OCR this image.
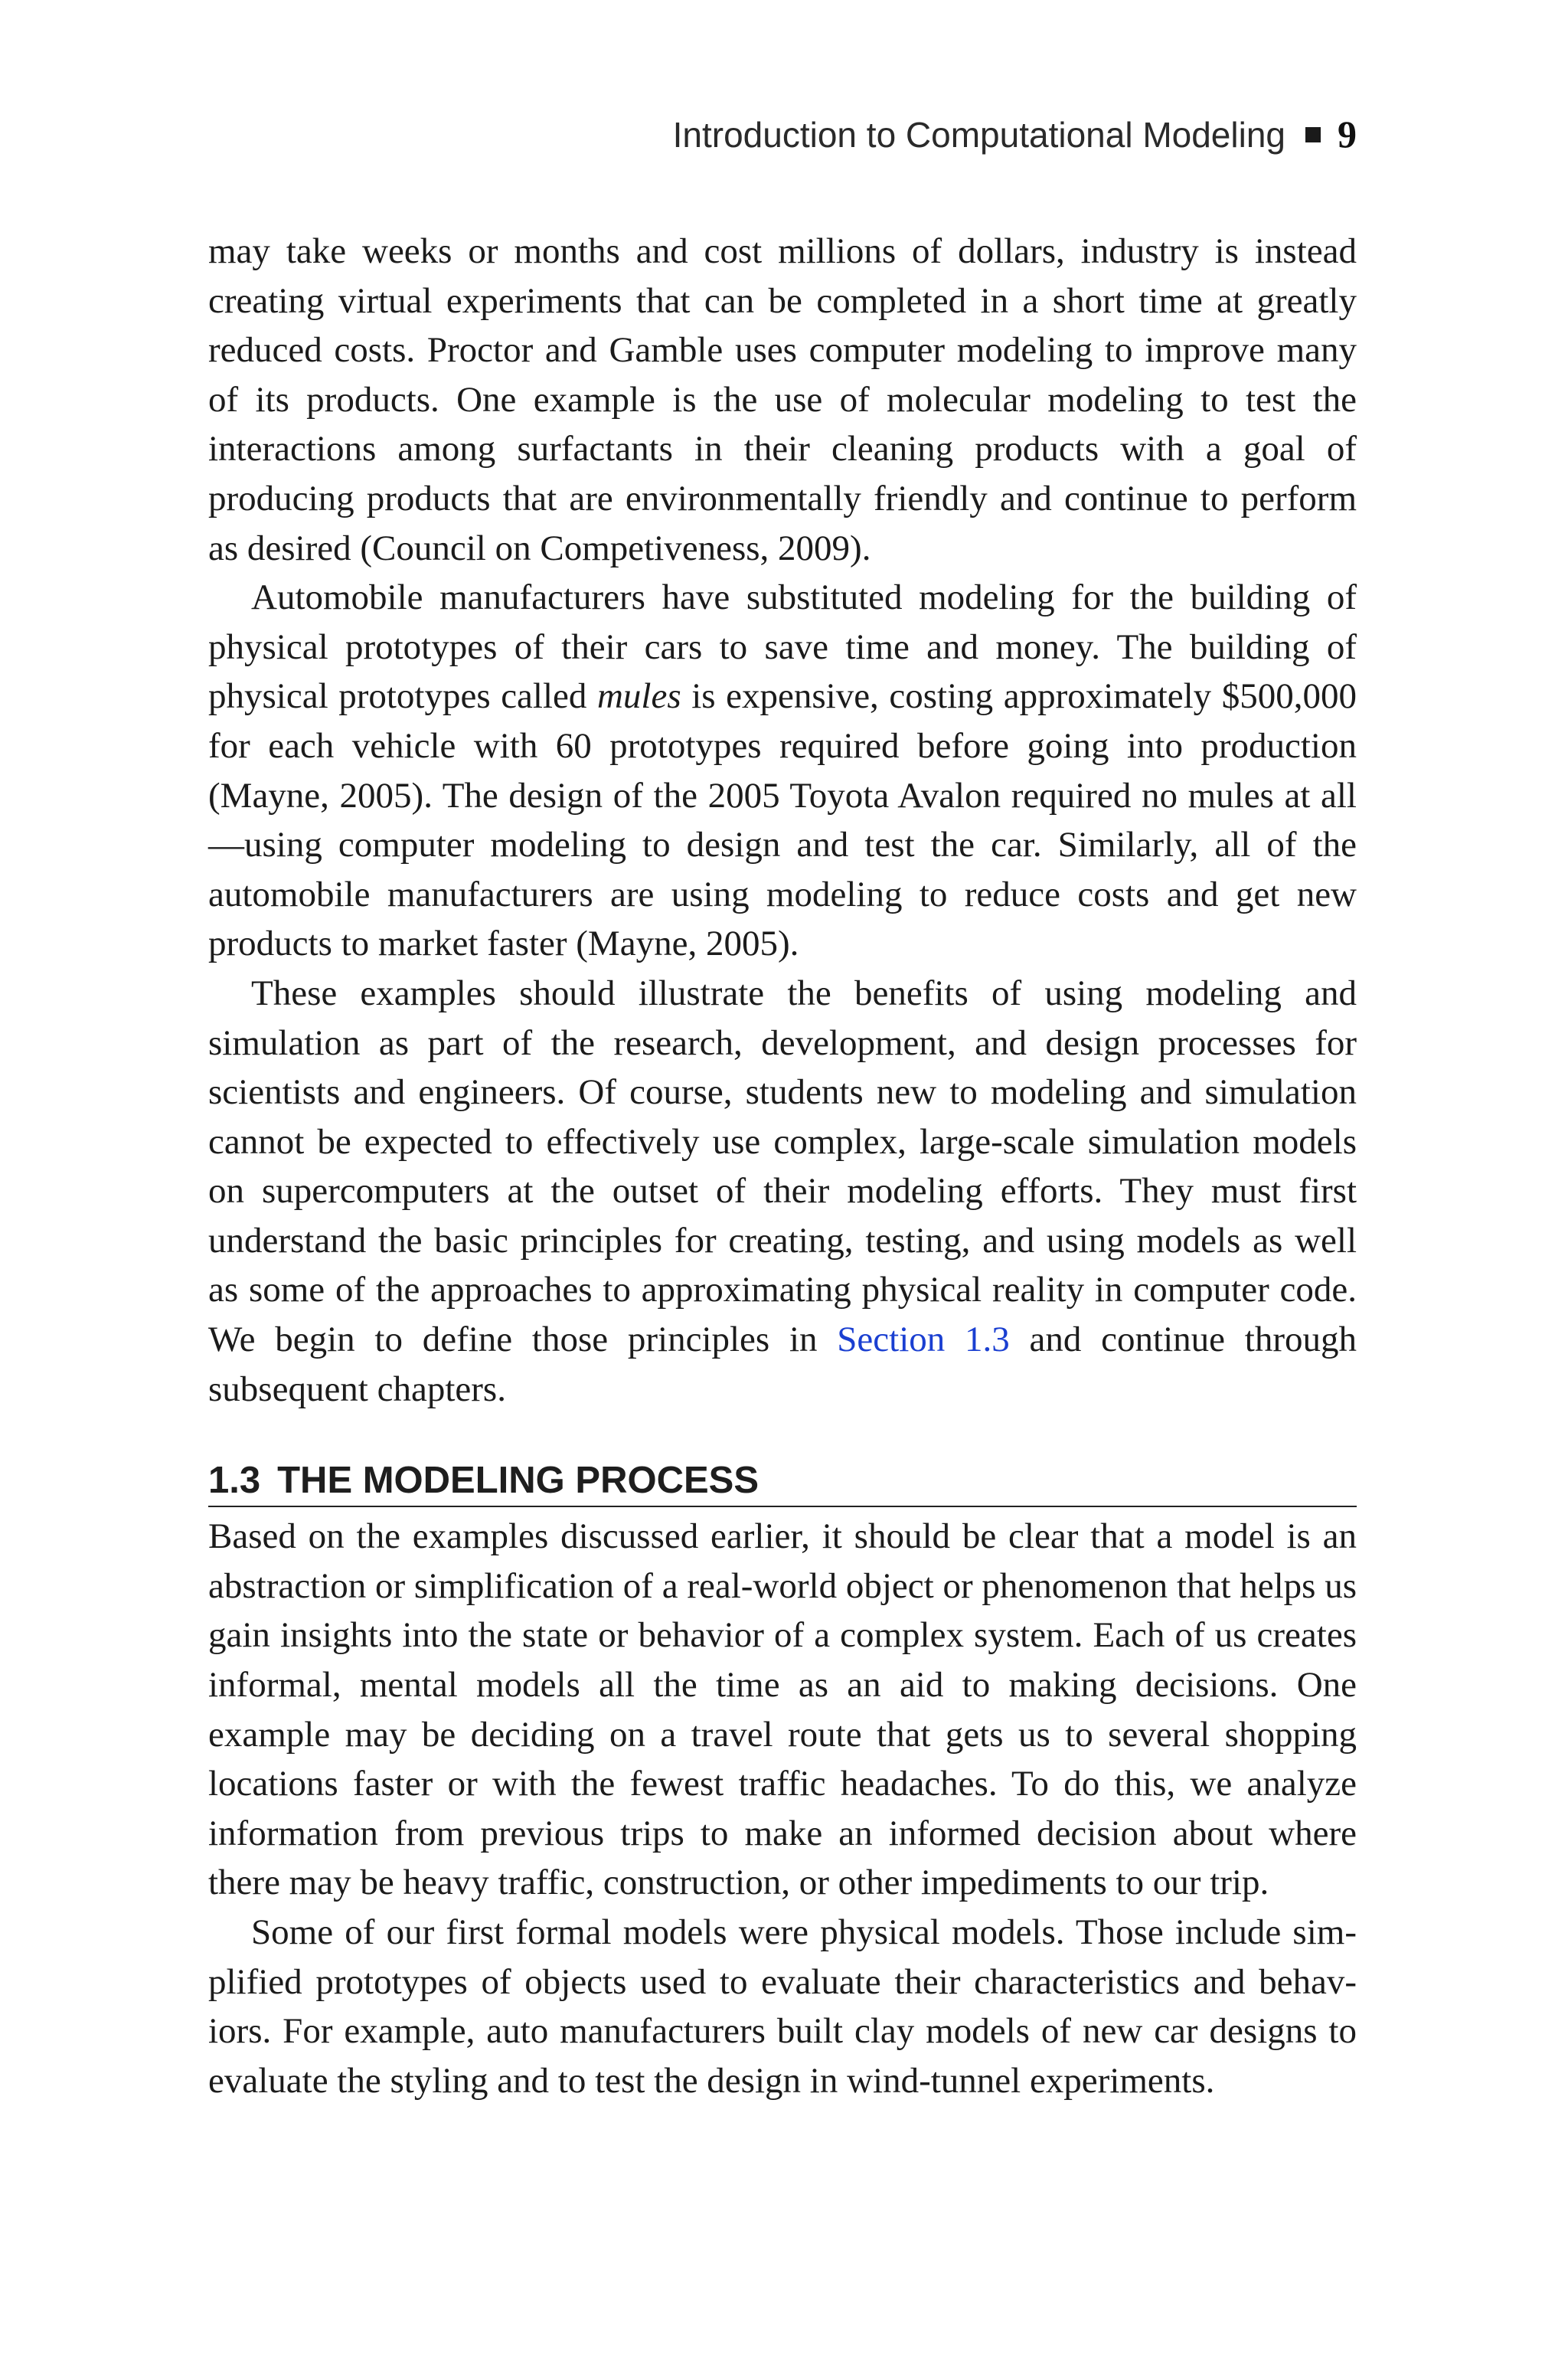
Introduction to Computational Modeling 9

may take weeks or months and cost millions of dollars, industry is instead creating virtual experiments that can be completed in a short time at greatly reduced costs. Proctor and Gamble uses computer modeling to improve many of its products. One example is the use of molecular modeling to test the interactions among surfactants in their cleaning products with a goal of producing products that are environmentally friendly and continue to perform as desired (Council on Competiveness, 2009).

Automobile manufacturers have substituted modeling for the building of physical prototypes of their cars to save time and money. The building of physical prototypes called mules is expensive, costing approximately $500,000 for each vehicle with 60 prototypes required before going into production (Mayne, 2005). The design of the 2005 Toyota Avalon required no mules at all—using computer modeling to design and test the car. Similarly, all of the automobile manufacturers are using modeling to reduce costs and get new products to market faster (Mayne, 2005).

These examples should illustrate the benefits of using modeling and simulation as part of the research, development, and design processes for scientists and engineers. Of course, students new to modeling and simulation cannot be expected to effectively use complex, large-scale simulation models on supercomputers at the outset of their modeling efforts. They must first understand the basic principles for creating, testing, and using models as well as some of the approaches to approximating physical reality in computer code. We begin to define those principles in Section 1.3 and continue through subsequent chapters.

1.3 THE MODELING PROCESS

Based on the examples discussed earlier, it should be clear that a model is an abstraction or simplification of a real-world object or phenomenon that helps us gain insights into the state or behavior of a complex system. Each of us creates informal, mental models all the time as an aid to making decisions. One example may be deciding on a travel route that gets us to several shopping locations faster or with the fewest traffic headaches. To do this, we analyze information from previous trips to make an informed decision about where there may be heavy traffic, construction, or other impediments to our trip.

Some of our first formal models were physical models. Those include simplified prototypes of objects used to evaluate their characteristics and behaviors. For example, auto manufacturers built clay models of new car designs to evaluate the styling and to test the design in wind-tunnel experiments.
